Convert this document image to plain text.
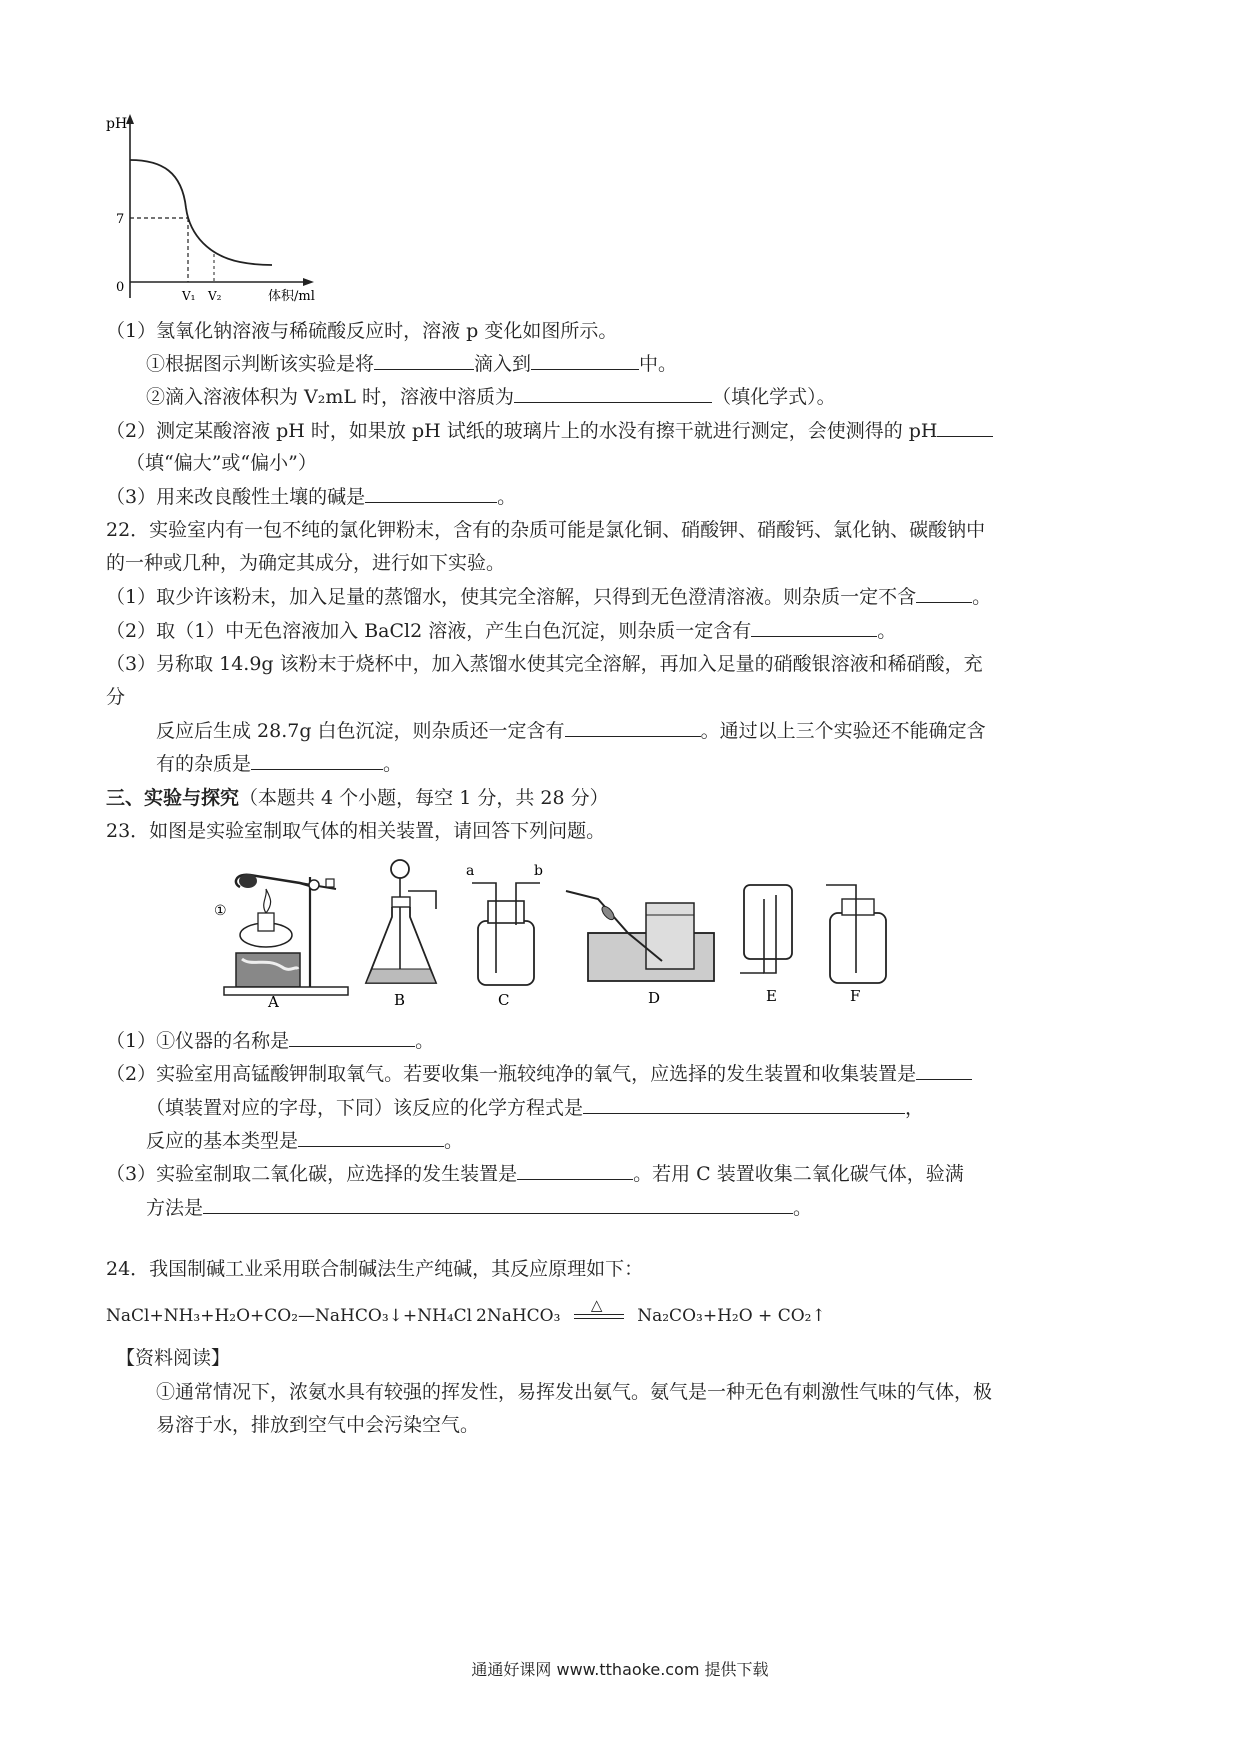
pH
7
0
V₁ V₂	体积/ml
（1）氢氧化钠溶液与稀硫酸反应时，溶液 p 变化如图所示。
①根据图示判断该实验是将	滴入到	中。
②滴入溶液体积为 V₂mL 时，溶液中溶质为	（填化学式）。
（2）测定某酸溶液 pH 时，如果放 pH 试纸的玻璃片上的水没有擦干就进行测定，会使测得的 pH
（填“偏大”或“偏小”）
（3）用来改良酸性土壤的碱是	。
22．实验室内有一包不纯的氯化钾粉末，含有的杂质可能是氯化铜、硝酸钾、硝酸钙、氯化钠、碳酸钠中
的一种或几种，为确定其成分，进行如下实验。
（1）取少许该粉末，加入足量的蒸馏水，使其完全溶解，只得到无色澄清溶液。则杂质一定不含	。
（2）取（1）中无色溶液加入 BaCl2 溶液，产生白色沉淀，则杂质一定含有	。
（3）另称取 14.9g 该粉末于烧杯中，加入蒸馏水使其完全溶解，再加入足量的硝酸银溶液和稀硝酸，充
分
反应后生成 28.7g 白色沉淀，则杂质还一定含有	。通过以上三个实验还不能确定含
有的杂质是	。
三、实验与探究（本题共 4 个小题，每空 1 分，共 28 分）
23．如图是实验室制取气体的相关装置，请回答下列问题。
①
A	B
a	b
C	D	E	F
（1）①仪器的名称是	。
（2）实验室用高锰酸钾制取氧气。若要收集一瓶较纯净的氧气，应选择的发生装置和收集装置是
（填装置对应的字母，下同）该反应的化学方程式是	，
反应的基本类型是	。
（3）实验室制取二氧化碳，应选择的发生装置是	。若用 C 装置收集二氧化碳气体，验满
方法是	。
24．我国制碱工业采用联合制碱法生产纯碱，其反应原理如下：
NaCl+NH₃+H₂O+CO₂—NaHCO₃↓+NH₄Cl 2NaHCO₃
△
Na₂CO₃+H₂O + CO₂↑
【资料阅读】
①通常情况下，浓氨水具有较强的挥发性，易挥发出氨气。氨气是一种无色有刺激性气味的气体，极
易溶于水，排放到空气中会污染空气。
通通好课网 www.tthaoke.com 提供下载
